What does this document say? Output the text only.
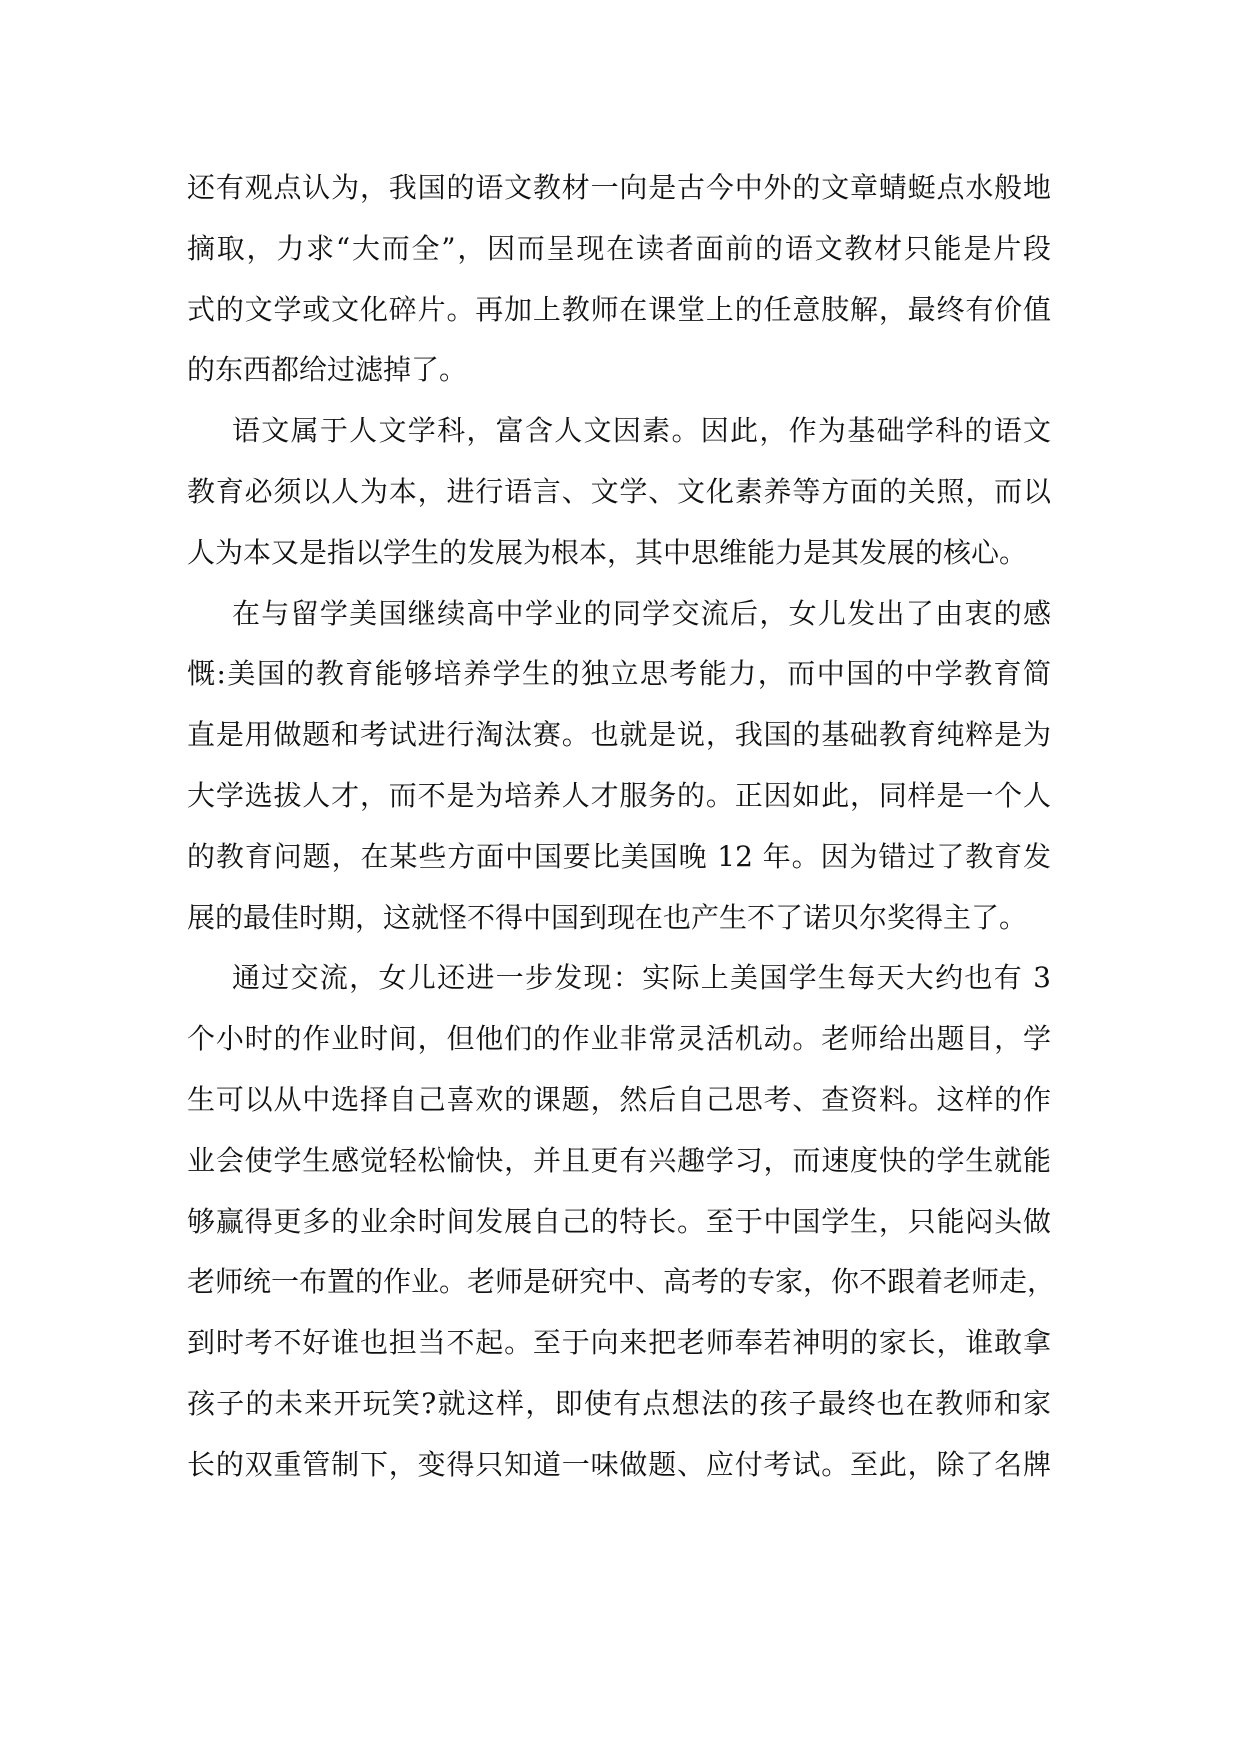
还有观点认为，我国的语文教材一向是古今中外的文章蜻蜓点水般地
摘取，力求“大而全”，因而呈现在读者面前的语文教材只能是片段
式的文学或文化碎片。再加上教师在课堂上的任意肢解，最终有价值
的东西都给过滤掉了。
语文属于人文学科，富含人文因素。因此，作为基础学科的语文
教育必须以人为本，进行语言、文学、文化素养等方面的关照，而以
人为本又是指以学生的发展为根本，其中思维能力是其发展的核心。
在与留学美国继续高中学业的同学交流后，女儿发出了由衷的感
慨:美国的教育能够培养学生的独立思考能力，而中国的中学教育简
直是用做题和考试进行淘汰赛。也就是说，我国的基础教育纯粹是为
大学选拔人才，而不是为培养人才服务的。正因如此，同样是一个人
的教育问题，在某些方面中国要比美国晚 12 年。因为错过了教育发
展的最佳时期，这就怪不得中国到现在也产生不了诺贝尔奖得主了。
通过交流，女儿还进一步发现：实际上美国学生每天大约也有 3
个小时的作业时间，但他们的作业非常灵活机动。老师给出题目，学
生可以从中选择自己喜欢的课题，然后自己思考、查资料。这样的作
业会使学生感觉轻松愉快，并且更有兴趣学习，而速度快的学生就能
够赢得更多的业余时间发展自己的特长。至于中国学生，只能闷头做
老师统一布置的作业。老师是研究中、高考的专家，你不跟着老师走，
到时考不好谁也担当不起。至于向来把老师奉若神明的家长，谁敢拿
孩子的未来开玩笑?就这样，即使有点想法的孩子最终也在教师和家
长的双重管制下，变得只知道一味做题、应付考试。至此，除了名牌
